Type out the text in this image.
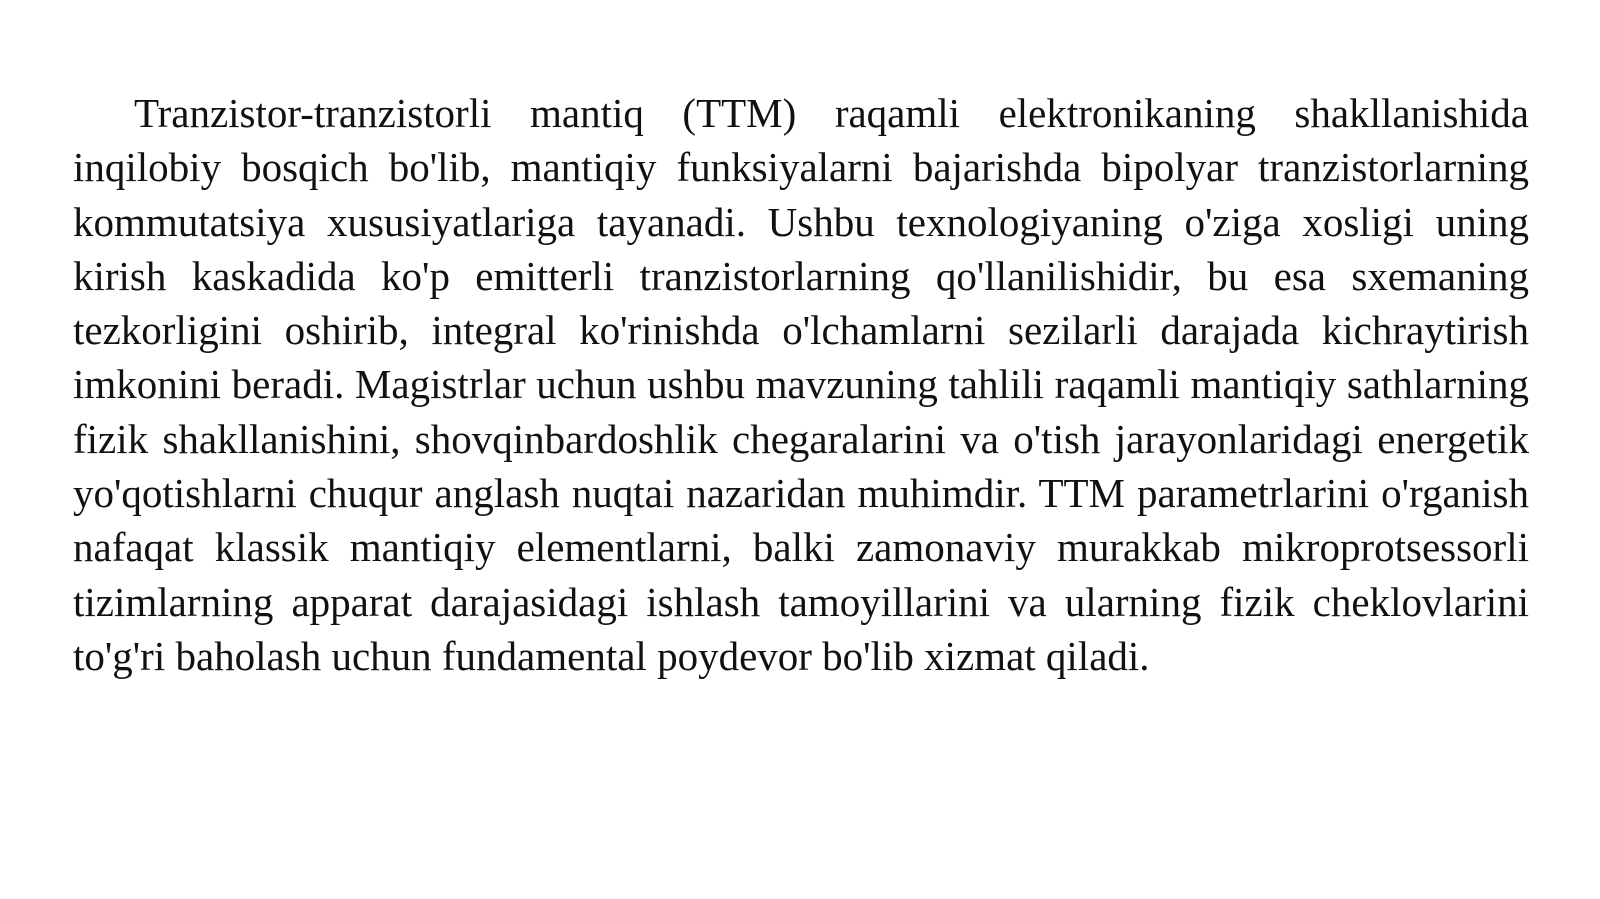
Tranzistor-tranzistorli mantiq (TTM) raqamli elektronikaning shakllanishida inqilobiy bosqich bo'lib, mantiqiy funksiyalarni bajarishda bipolyar tranzistorlarning kommutatsiya xususiyatlariga tayanadi. Ushbu texnologiyaning o'ziga xosligi uning kirish kaskadida ko'p emitterli tranzistorlarning qo'llanilishidir, bu esa sxemaning tezkorligini oshirib, integral ko'rinishda o'lchamlarni sezilarli darajada kichraytirish imkonini beradi. Magistrlar uchun ushbu mavzuning tahlili raqamli mantiqiy sathlarning fizik shakllanishini, shovqinbardoshlik chegaralarini va o'tish jarayonlaridagi energetik yo'qotishlarni chuqur anglash nuqtai nazaridan muhimdir. TTM parametrlarini o'rganish nafaqat klassik mantiqiy elementlarni, balki zamonaviy murakkab mikroprotsessorli tizimlarning apparat darajasidagi ishlash tamoyillarini va ularning fizik cheklovlarini to'g'ri baholash uchun fundamental poydevor bo'lib xizmat qiladi.
